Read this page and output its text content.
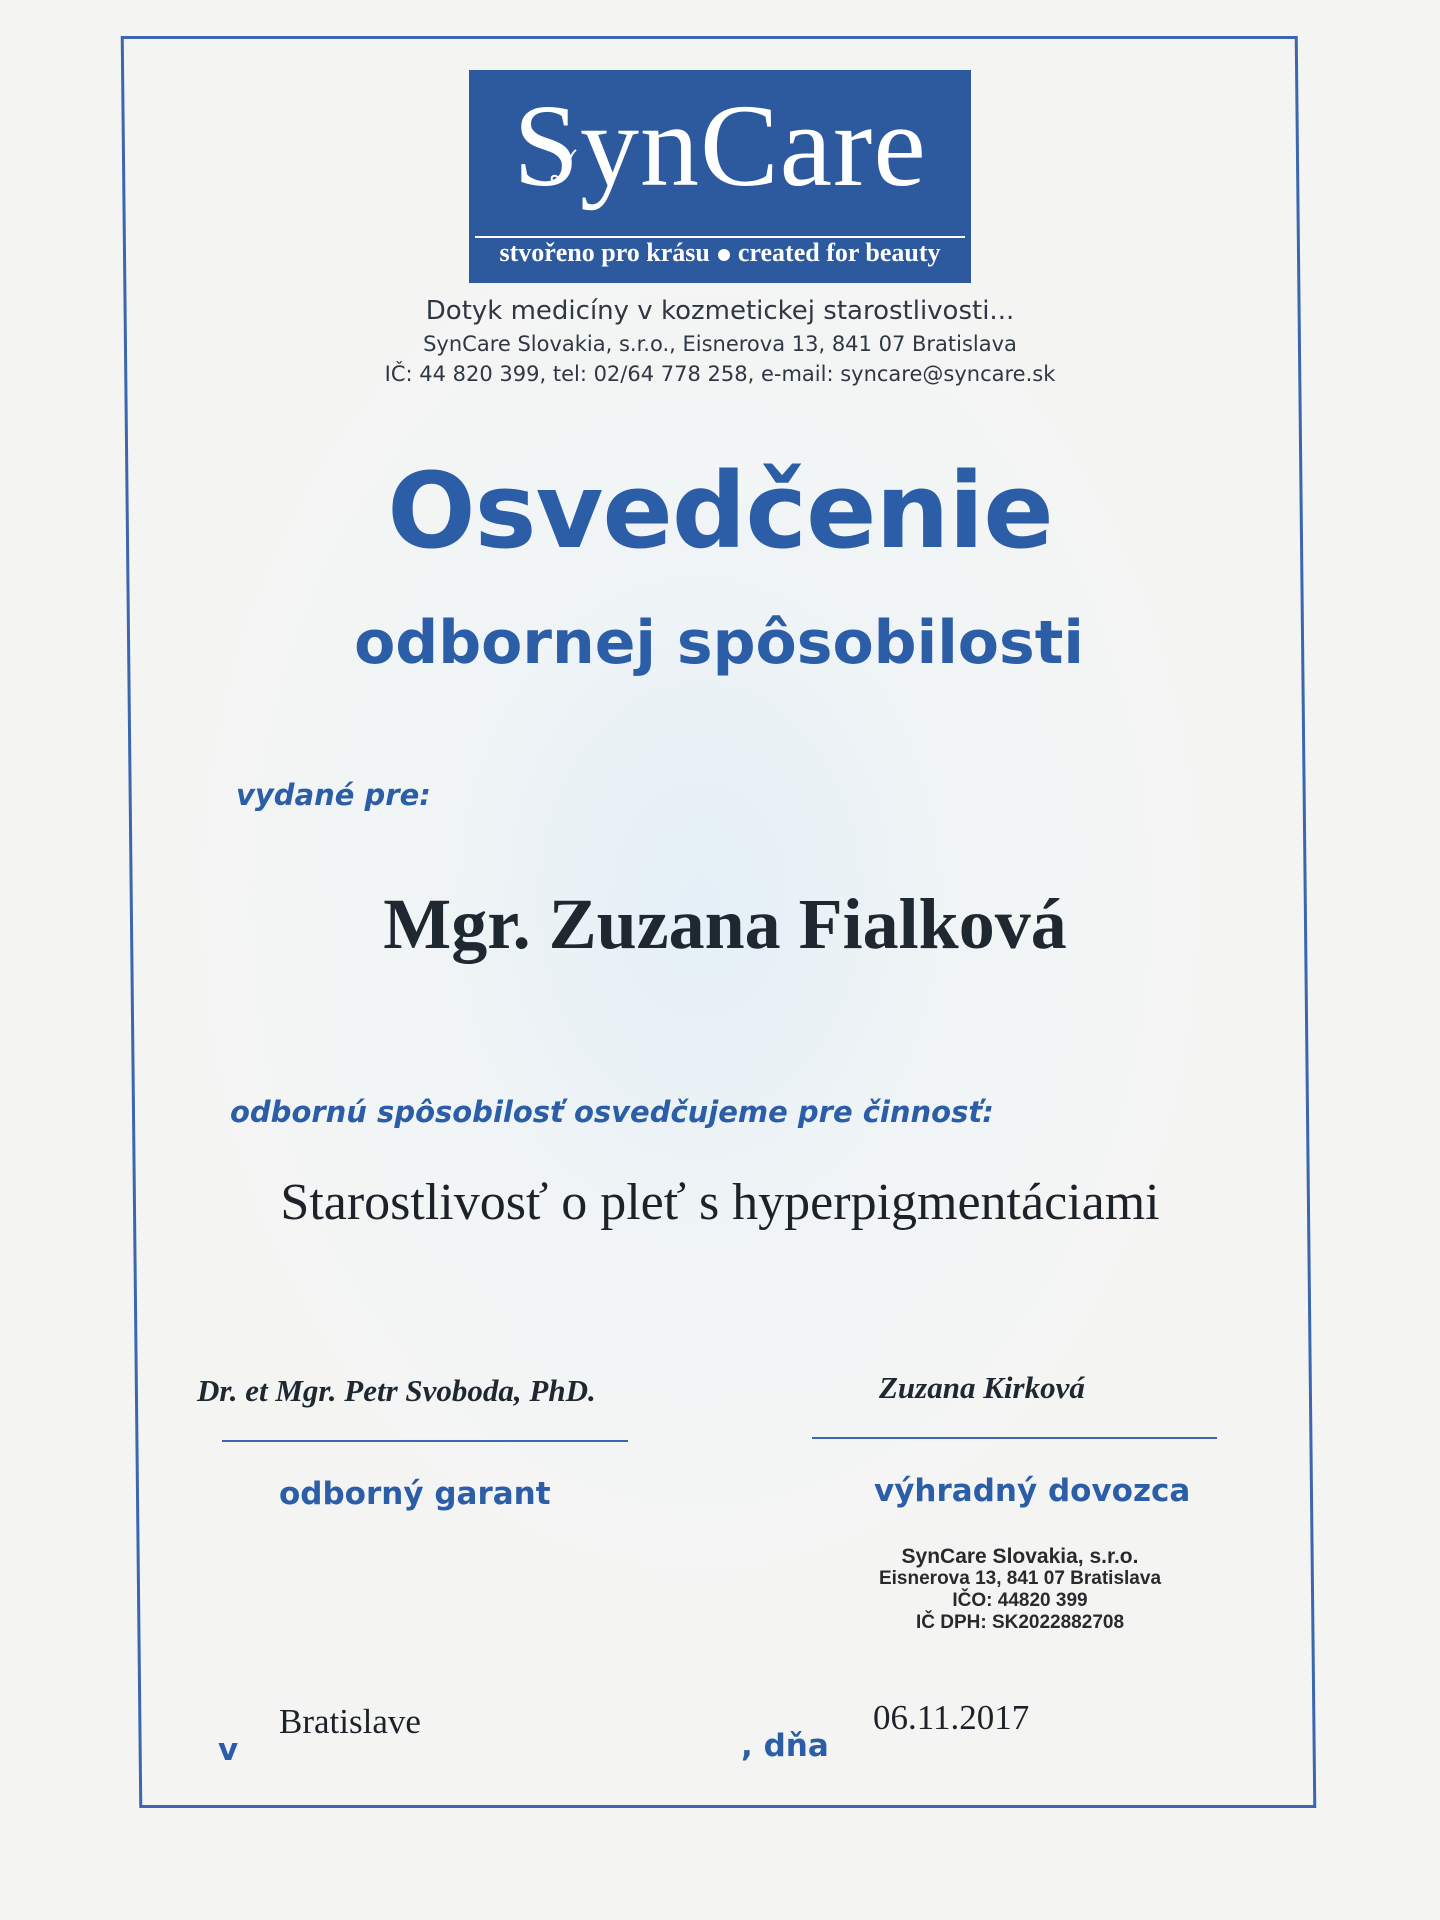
SynCare
stvořeno pro krásu created for beauty
Dotyk medicíny v kozmetickej starostlivosti...
SynCare Slovakia, s.r.o., Eisnerova 13, 841 07 Bratislava
IČ: 44 820 399, tel: 02/64 778 258, e-mail: syncare@syncare.sk
Osvedčenie
odbornej spôsobilosti
vydané pre:
Mgr. Zuzana Fialková
odbornú spôsobilosť osvedčujeme pre činnosť:
Starostlivosť o pleť s hyperpigmentáciami
Dr. et Mgr. Petr Svoboda, PhD.	Zuzana Kirková
odborný garant	výhradný dovozca
SynCare Slovakia, s.r.o.
Eisnerova 13, 841 07 Bratislava
IČO: 44820 399
IČ DPH: SK2022882708
v
Bratislave
, dňa
06.11.2017
